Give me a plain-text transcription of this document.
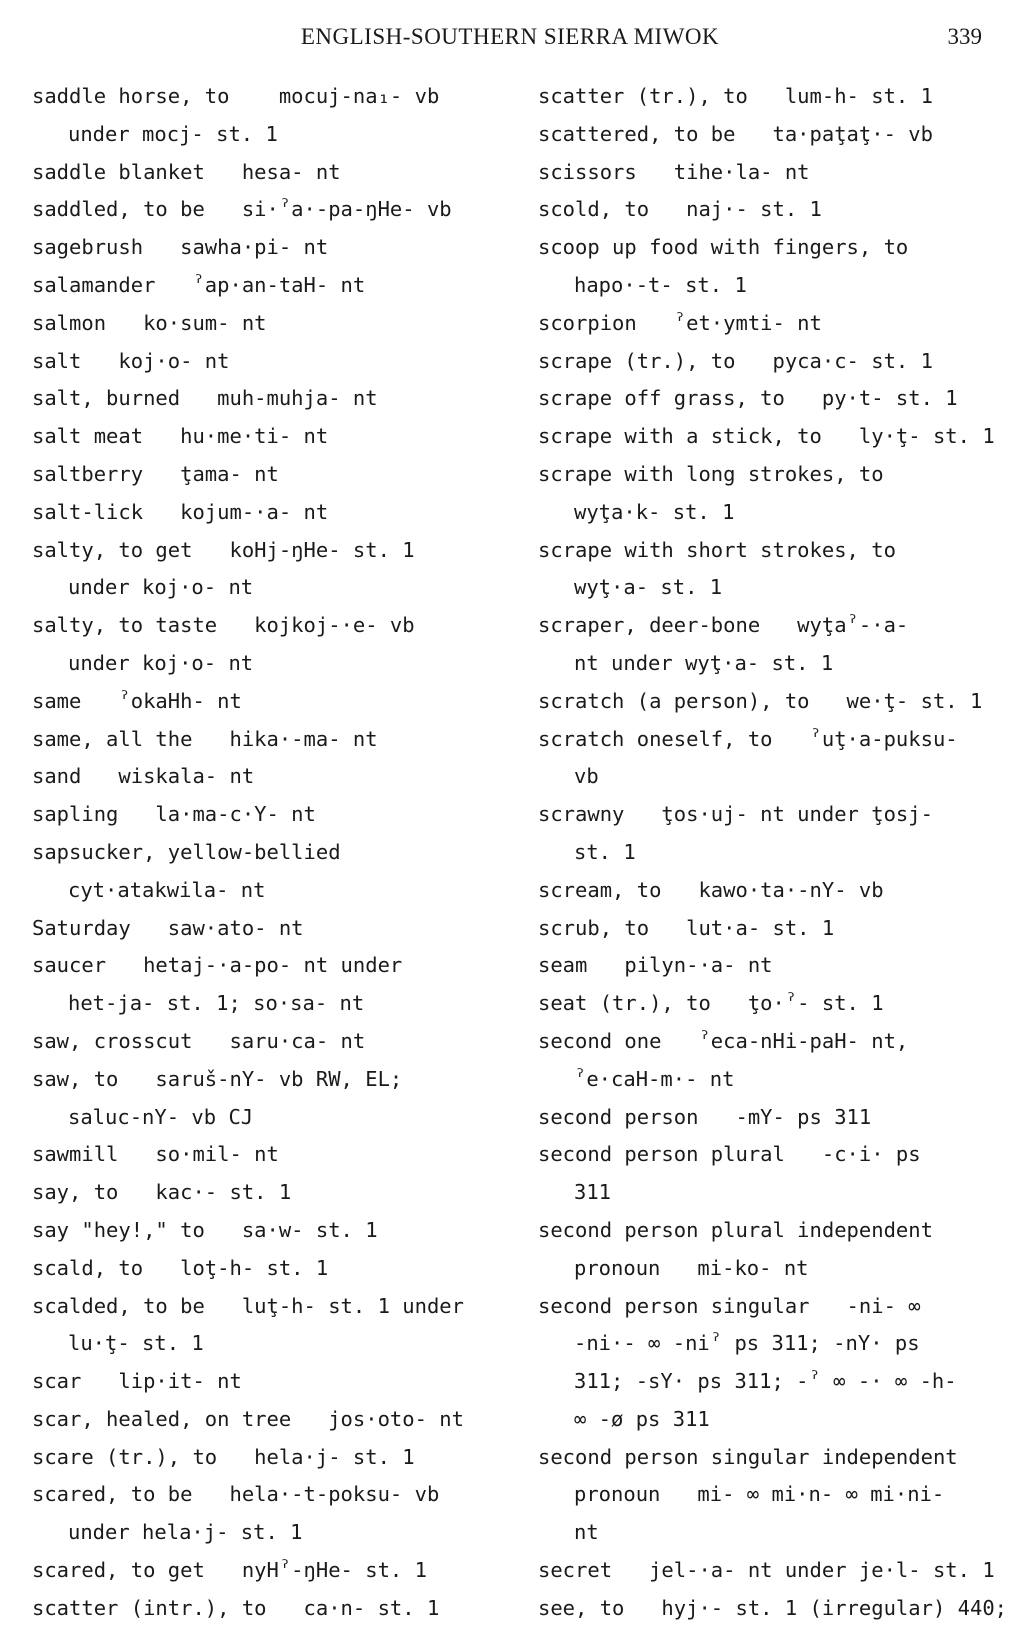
ENGLISH-SOUTHERN SIERRA MIWOK	339
saddle horse, to    mocuj-na₁- vb
under mocj- st. 1
saddle blanket   hesa- nt
saddled, to be   si·ˀa·-pa-ŋHe- vb
sagebrush   sawha·pi- nt
salamander   ˀap·an-taH- nt
salmon   ko·sum- nt
salt   koj·o- nt
salt, burned   muh-muhja- nt
salt meat   hu·me·ti- nt
saltberry   ţama- nt
salt-lick   kojum-·a- nt
salty, to get   koHj-ŋHe- st. 1
under koj·o- nt
salty, to taste   kojkoj-·e- vb
under koj·o- nt
same   ˀokaHh- nt
same, all the   hika·-ma- nt
sand   wiskala- nt
sapling   la·ma-c·Y- nt
sapsucker, yellow-bellied
cyt·atakwila- nt
Saturday   saw·ato- nt
saucer   hetaj-·a-po- nt under
het-ja- st. 1; so·sa- nt
saw, crosscut   saru·ca- nt
saw, to   saruš-nY- vb RW, EL;
saluc-nY- vb CJ
sawmill   so·mil- nt
say, to   kac·- st. 1
say "hey!," to   sa·w- st. 1
scald, to   loţ-h- st. 1
scalded, to be   luţ-h- st. 1 under
lu·ţ- st. 1
scar   lip·it- nt
scar, healed, on tree   jos·oto- nt
scare (tr.), to   hela·j- st. 1
scared, to be   hela·-t-poksu- vb
under hela·j- st. 1
scared, to get   nyHˀ-ŋHe- st. 1
scatter (intr.), to   ca·n- st. 1
scatter (tr.), to   lum-h- st. 1
scattered, to be   ta·paţaţ·- vb
scissors   tihe·la- nt
scold, to   naj·- st. 1
scoop up food with fingers, to
hapo·-t- st. 1
scorpion   ˀet·ymti- nt
scrape (tr.), to   pyca·c- st. 1
scrape off grass, to   py·t- st. 1
scrape with a stick, to   ly·ţ- st. 1
scrape with long strokes, to
wyţa·k- st. 1
scrape with short strokes, to
wyţ·a- st. 1
scraper, deer-bone   wyţaˀ-·a-
nt under wyţ·a- st. 1
scratch (a person), to   we·ţ- st. 1
scratch oneself, to   ˀuţ·a-puksu-
vb
scrawny   ţos·uj- nt under ţosj-
st. 1
scream, to   kawo·ta·-nY- vb
scrub, to   lut·a- st. 1
seam   pilyn-·a- nt
seat (tr.), to   ţo·ˀ- st. 1
second one   ˀeca-nHi-paH- nt,
ˀe·caH-m·- nt
second person   -mY- ps 311
second person plural   -c·i· ps
311
second person plural independent
pronoun   mi-ko- nt
second person singular   -ni- ∞
-ni·- ∞ -niˀ ps 311; -nY· ps
311; -sY· ps 311; -ˀ ∞ -· ∞ -h-
∞ -ø ps 311
second person singular independent
pronoun   mi- ∞ mi·n- ∞ mi·ni-
nt
secret   jel-·a- nt under je·l- st. 1
see, to   hyj·- st. 1 (irregular) 440;
